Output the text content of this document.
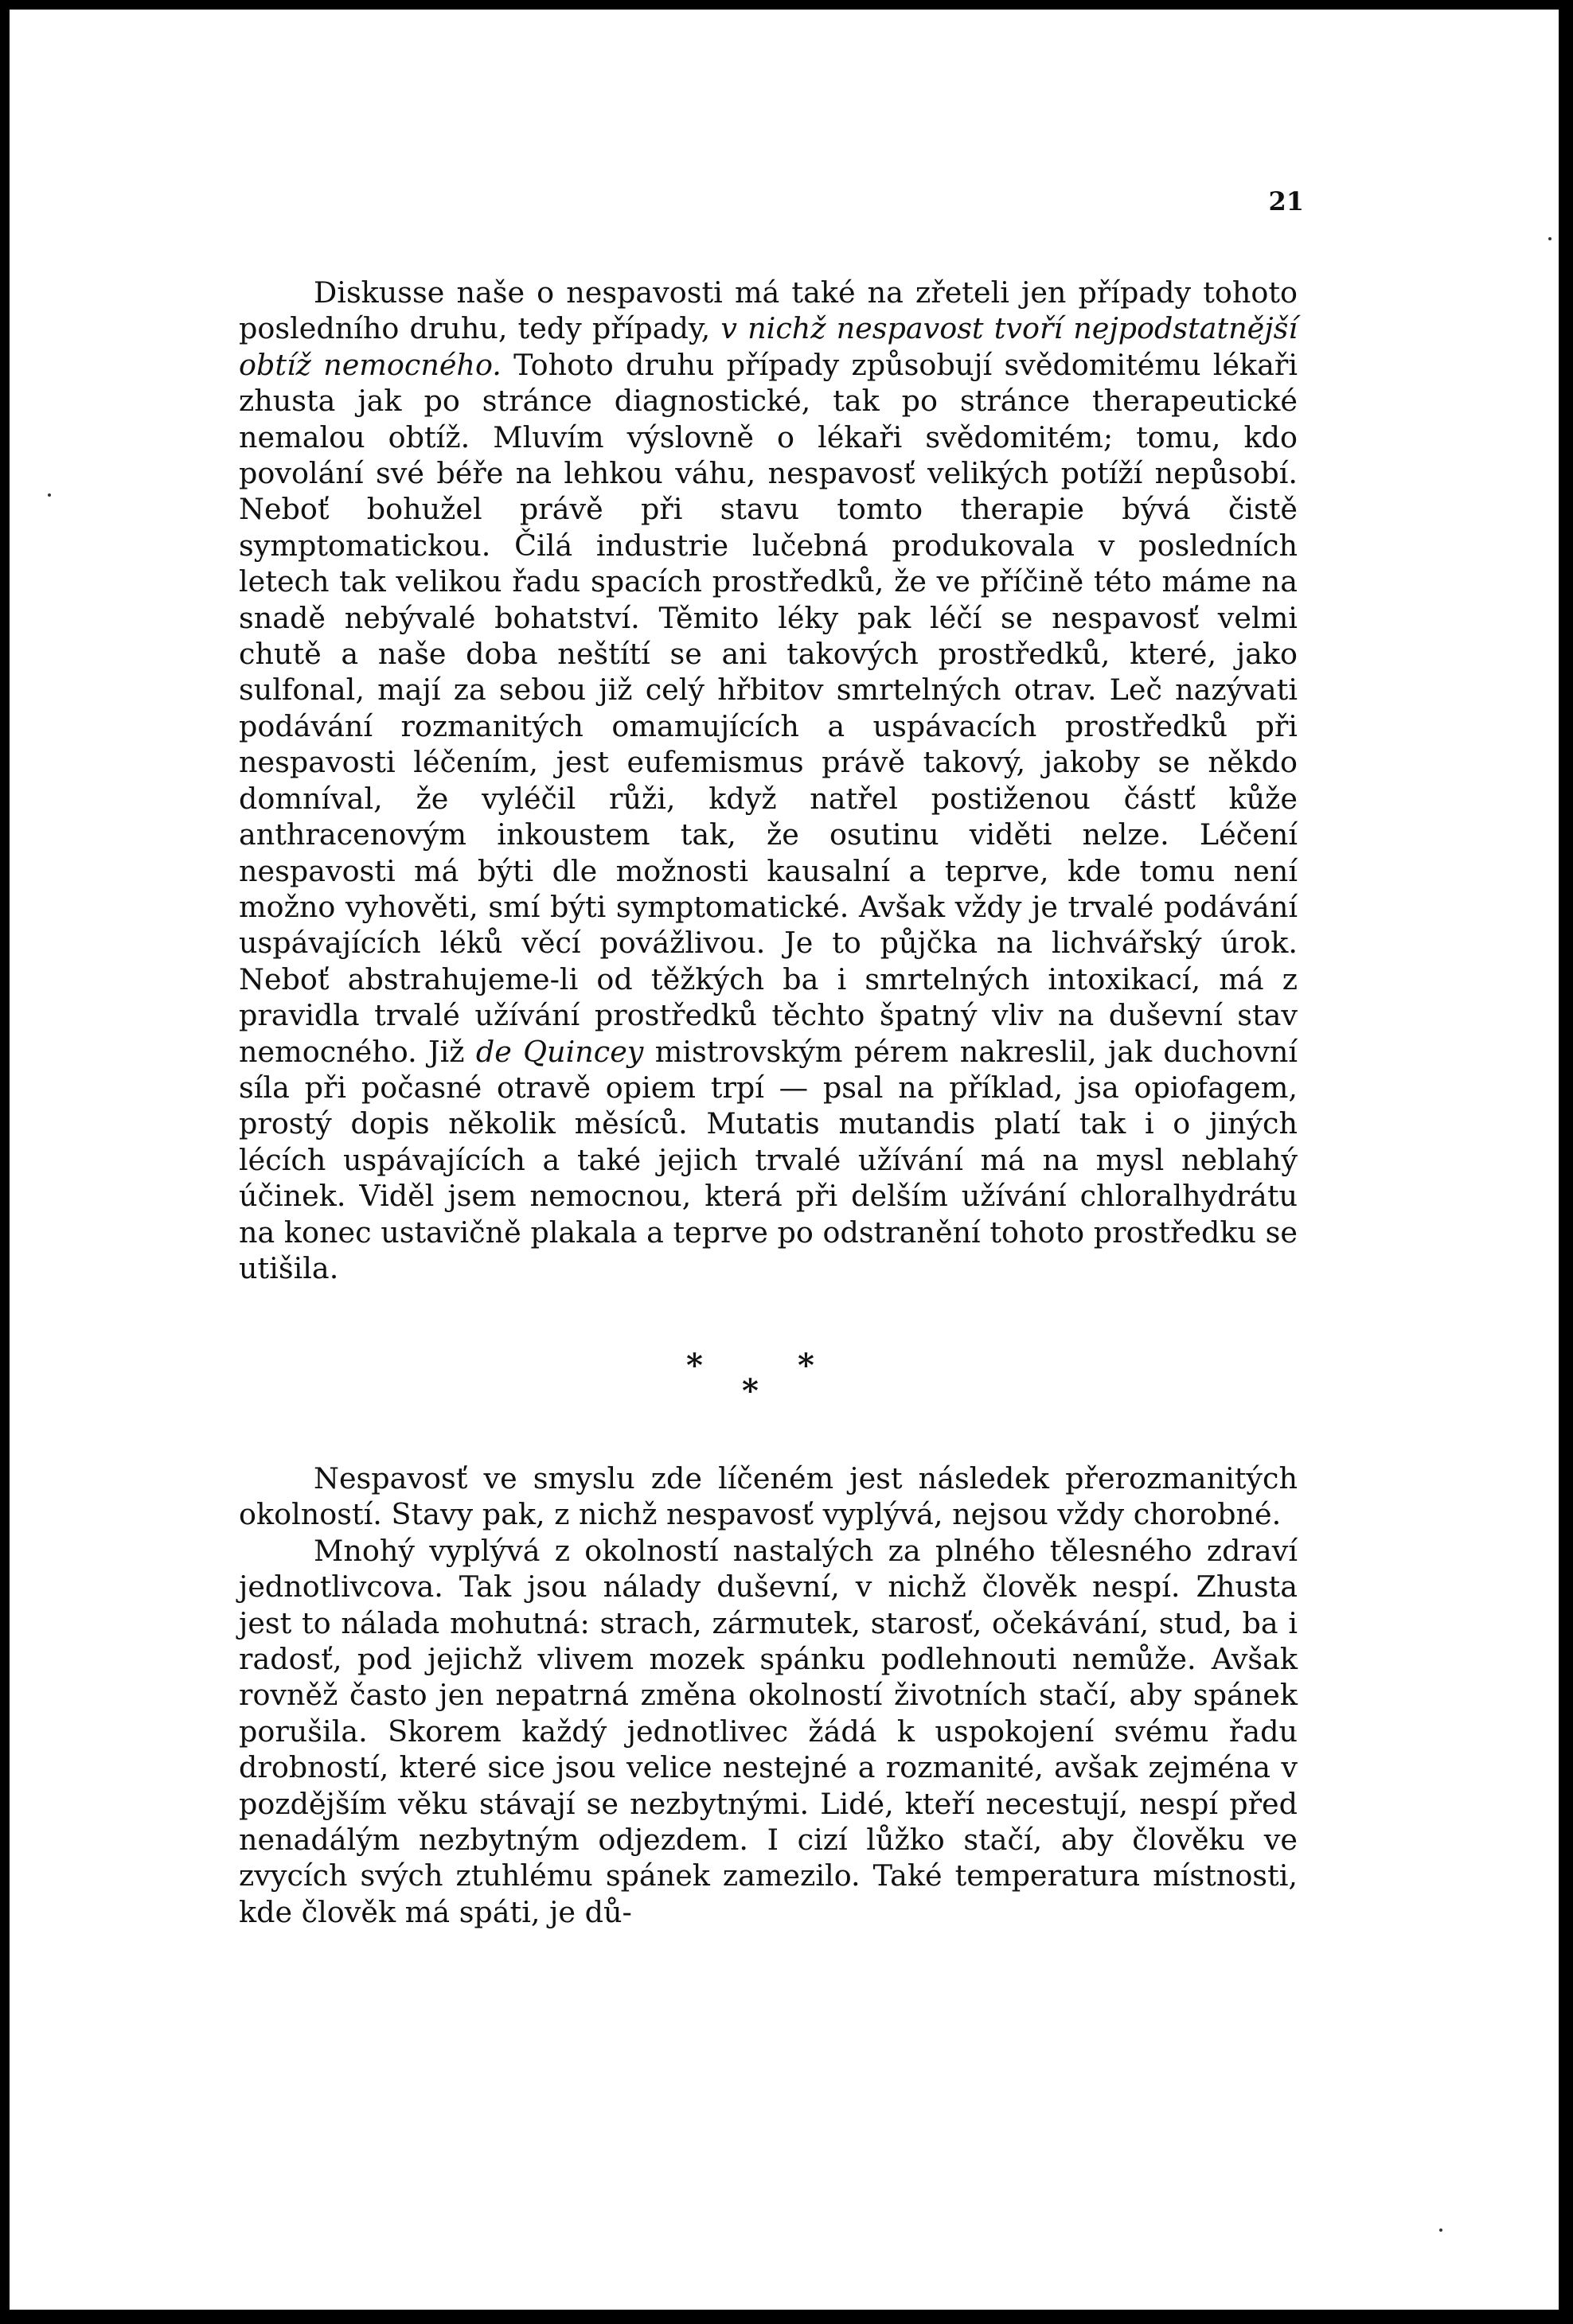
21

Diskusse naše o nespavosti má také na zřeteli jen případy tohoto posledního druhu, tedy případy, v nichž nespavost tvoří nejpodstatnější obtíž nemocného. Tohoto druhu případy způsobují svědomitému lékaři zhusta jak po stránce diagnostické, tak po stránce therapeutické nemalou obtíž. Mluvím výslovně o lékaři svědomitém; tomu, kdo povolání své béře na lehkou váhu, nespavosť velikých potíží nepůsobí. Neboť bohužel právě při stavu tomto therapie bývá čistě symptomatickou. Čilá industrie lučebná produkovala v posledních letech tak velikou řadu spacích prostředků, že ve příčině této máme na snadě nebývalé bohatství. Těmito léky pak léčí se nespavosť velmi chutě a naše doba neštítí se ani takových prostředků, které, jako sulfonal, mají za sebou již celý hřbitov smrtelných otrav. Leč nazývati podávání rozmanitých omamujících a uspávacích prostředků při nespavosti léčením, jest eufemismus právě takový, jakoby se někdo domníval, že vyléčil růži, když natřel postiženou částť kůže anthracenovým inkoustem tak, že osutinu viděti nelze. Léčení nespavosti má býti dle možnosti kausalní a teprve, kde tomu není možno vyhověti, smí býti symptomatické. Avšak vždy je trvalé podávání uspávajících léků věcí povážlivou. Je to půjčka na lichvářský úrok. Neboť abstrahujeme-li od těžkých ba i smrtelných intoxikací, má z pravidla trvalé užívání prostředků těchto špatný vliv na duševní stav nemocného. Již de Quincey mistrovským pérem nakreslil, jak duchovní síla při počasné otravě opiem trpí — psal na příklad, jsa opiofagem, prostý dopis několik měsíců. Mutatis mutandis platí tak i o jiných lécích uspávajících a také jejich trvalé užívání má na mysl neblahý účinek. Viděl jsem nemocnou, která při delším užívání chloralhydrátu na konec ustavičně plakala a teprve po odstranění tohoto prostředku se utišila.

*
*
*

Nespavosť ve smyslu zde líčeném jest následek přerozmanitých okolností. Stavy pak, z nichž nespavosť vyplývá, nejsou vždy chorobné.

Mnohý vyplývá z okolností nastalých za plného tělesného zdraví jednotlivcova. Tak jsou nálady duševní, v nichž člověk nespí. Zhusta jest to nálada mohutná: strach, zármutek, starosť, očekávání, stud, ba i radosť, pod jejichž vlivem mozek spánku podlehnouti nemůže. Avšak rovněž často jen nepatrná změna okolností životních stačí, aby spánek porušila. Skorem každý jednotlivec žádá k uspokojení svému řadu drobností, které sice jsou velice nestejné a rozmanité, avšak zejména v pozdějším věku stávají se nezbytnými. Lidé, kteří necestují, nespí před nenadálým nezbytným odjezdem. I cizí lůžko stačí, aby člověku ve zvycích svých ztuhlému spánek zamezilo. Také temperatura místnosti, kde člověk má spáti, je dů-
